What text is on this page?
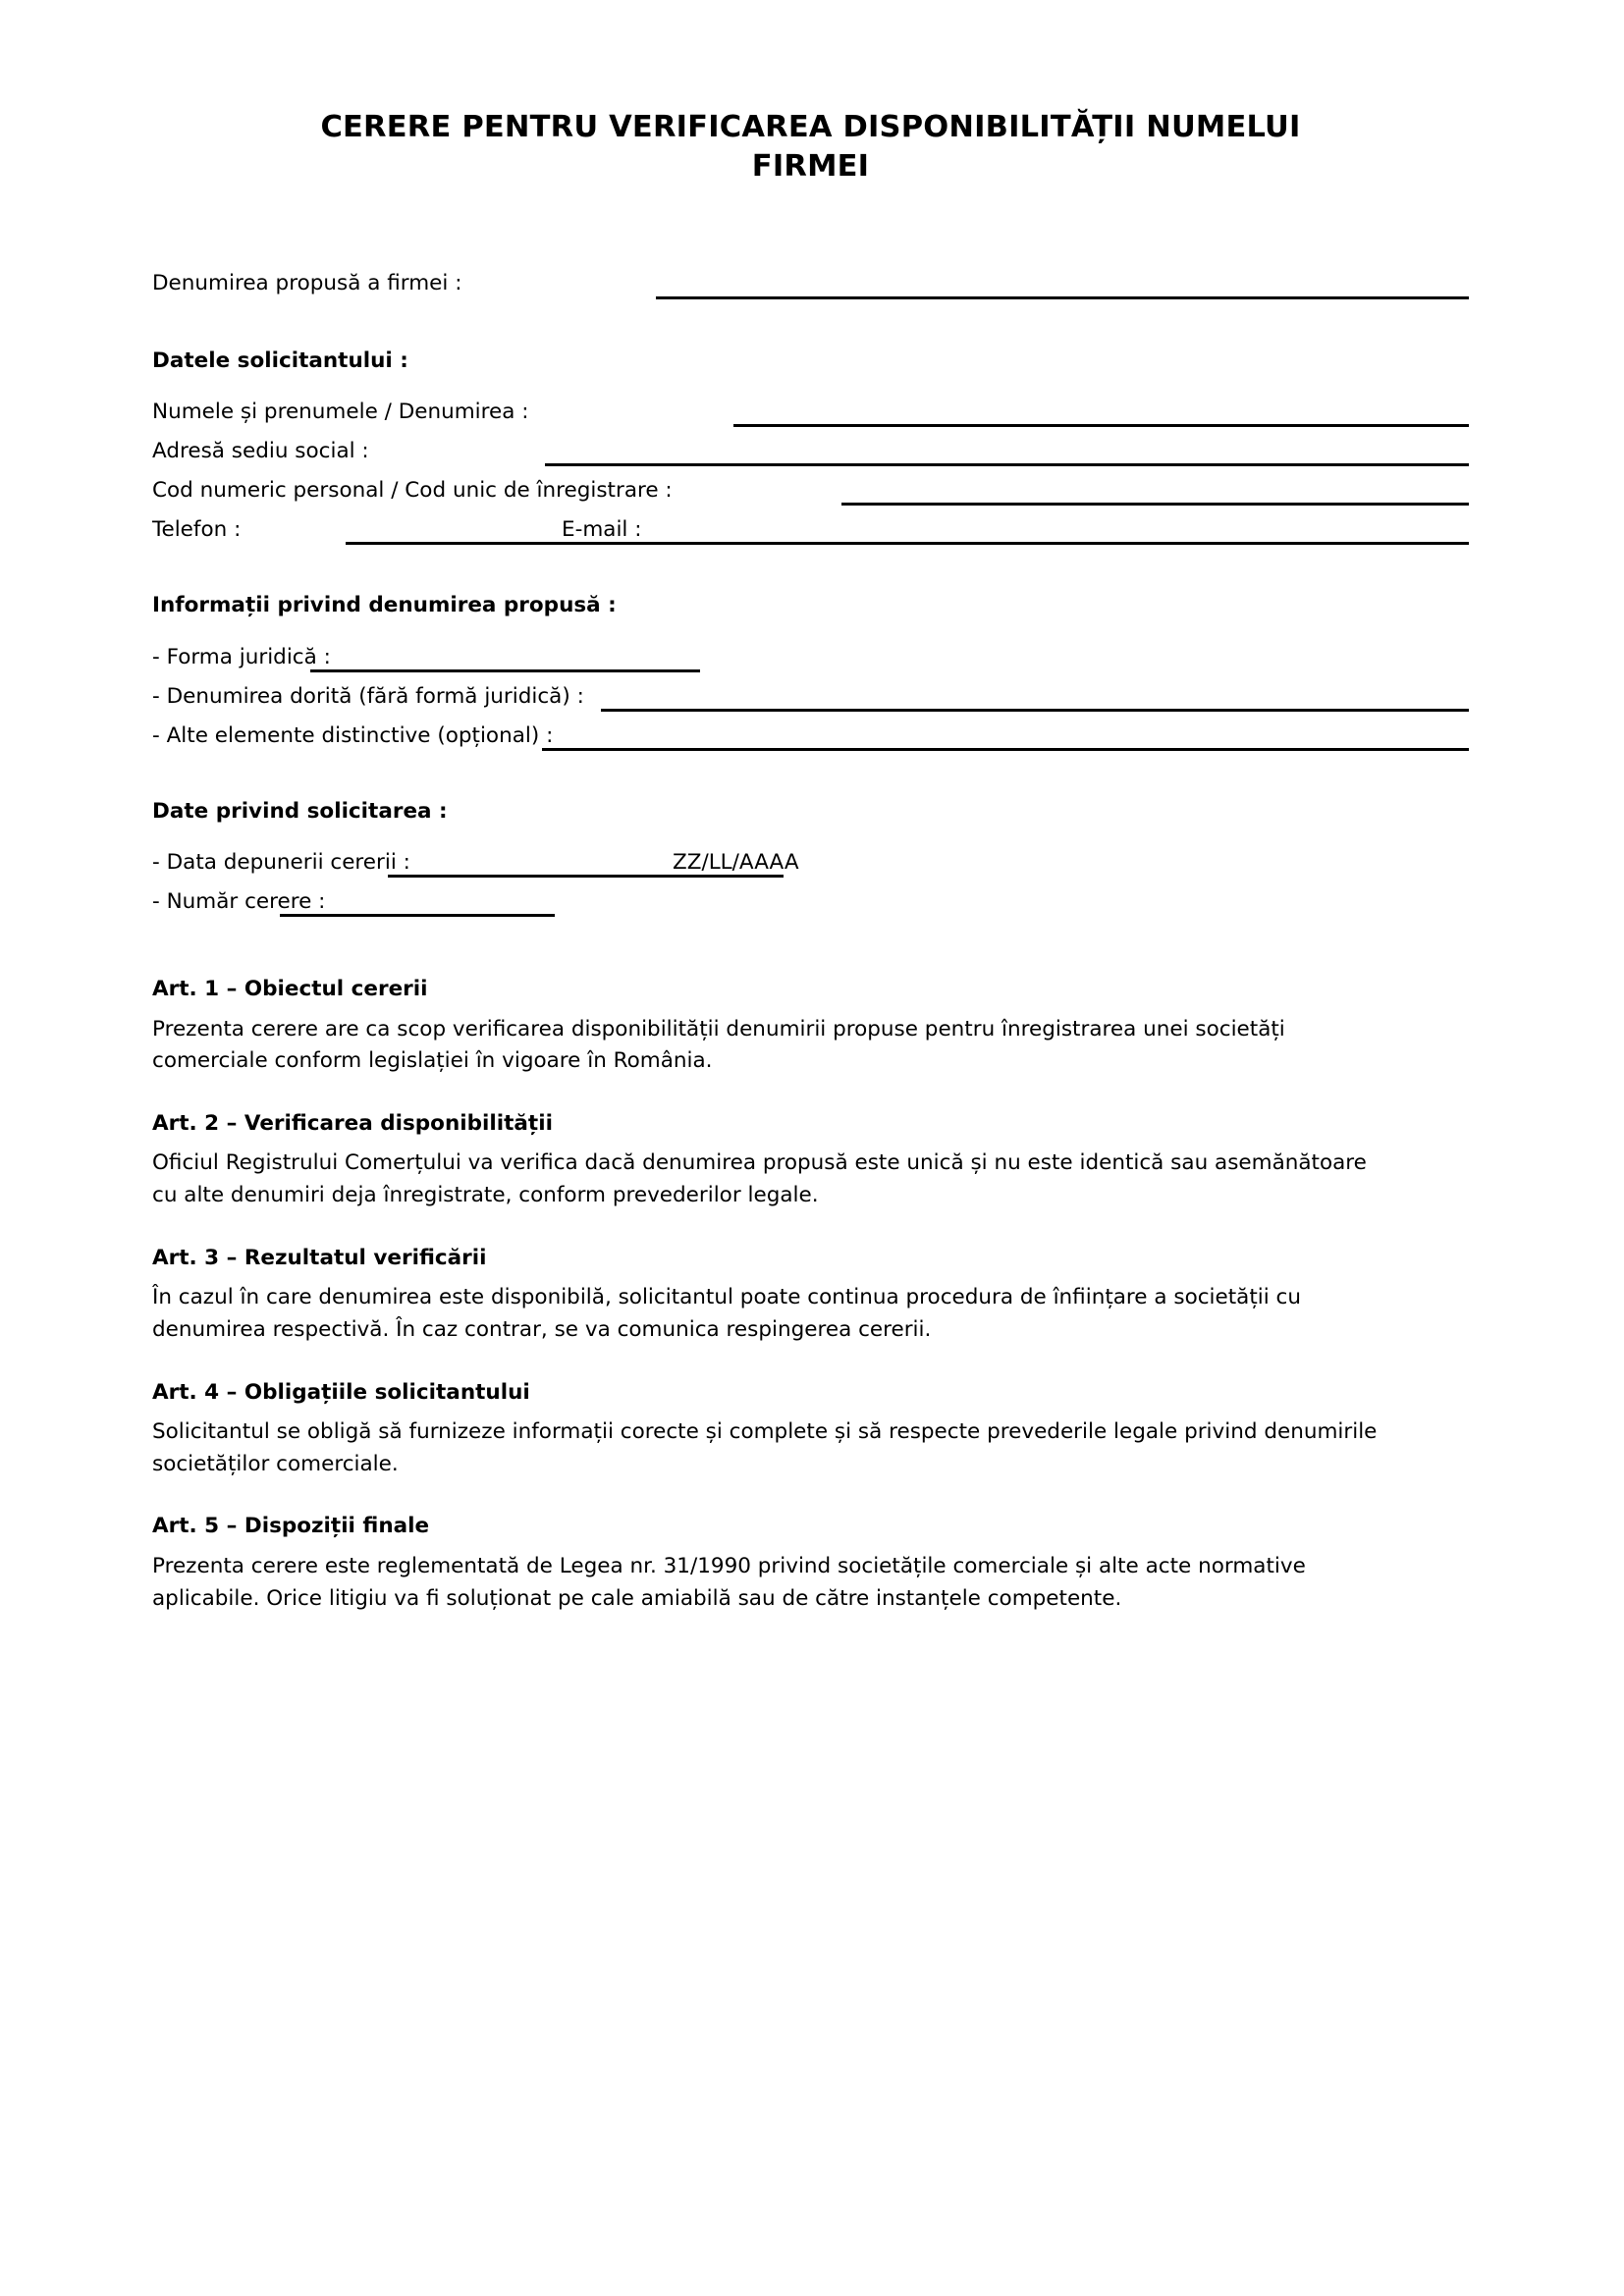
CERERE PENTRU VERIFICAREA DISPONIBILITĂȚII NUMELUI
FIRMEI
Denumirea propusă a firmei :
Datele solicitantului :
Numele și prenumele / Denumirea :
Adresă sediu social :
Cod numeric personal / Cod unic de înregistrare :
Telefon :	E-mail :
Informații privind denumirea propusă :
- Forma juridică :
- Denumirea dorită (fără formă juridică) :
- Alte elemente distinctive (opțional) :
Date privind solicitarea :
- Data depunerii cererii :	ZZ/LL/AAAA
- Număr cerere :
Art. 1 – Obiectul cererii

Prezenta cerere are ca scop verificarea disponibilității denumirii propuse pentru înregistrarea unei societăți comerciale conform legislației în vigoare în România.

Art. 2 – Verificarea disponibilității

Oficiul Registrului Comerțului va verifica dacă denumirea propusă este unică și nu este identică sau asemănătoare cu alte denumiri deja înregistrate, conform prevederilor legale.

Art. 3 – Rezultatul verificării

În cazul în care denumirea este disponibilă, solicitantul poate continua procedura de înființare a societății cu denumirea respectivă. În caz contrar, se va comunica respingerea cererii.

Art. 4 – Obligațiile solicitantului

Solicitantul se obligă să furnizeze informații corecte și complete și să respecte prevederile legale privind denumirile societăților comerciale.

Art. 5 – Dispoziții finale

Prezenta cerere este reglementată de Legea nr. 31/1990 privind societățile comerciale și alte acte normative aplicabile. Orice litigiu va fi soluționat pe cale amiabilă sau de către instanțele competente.
